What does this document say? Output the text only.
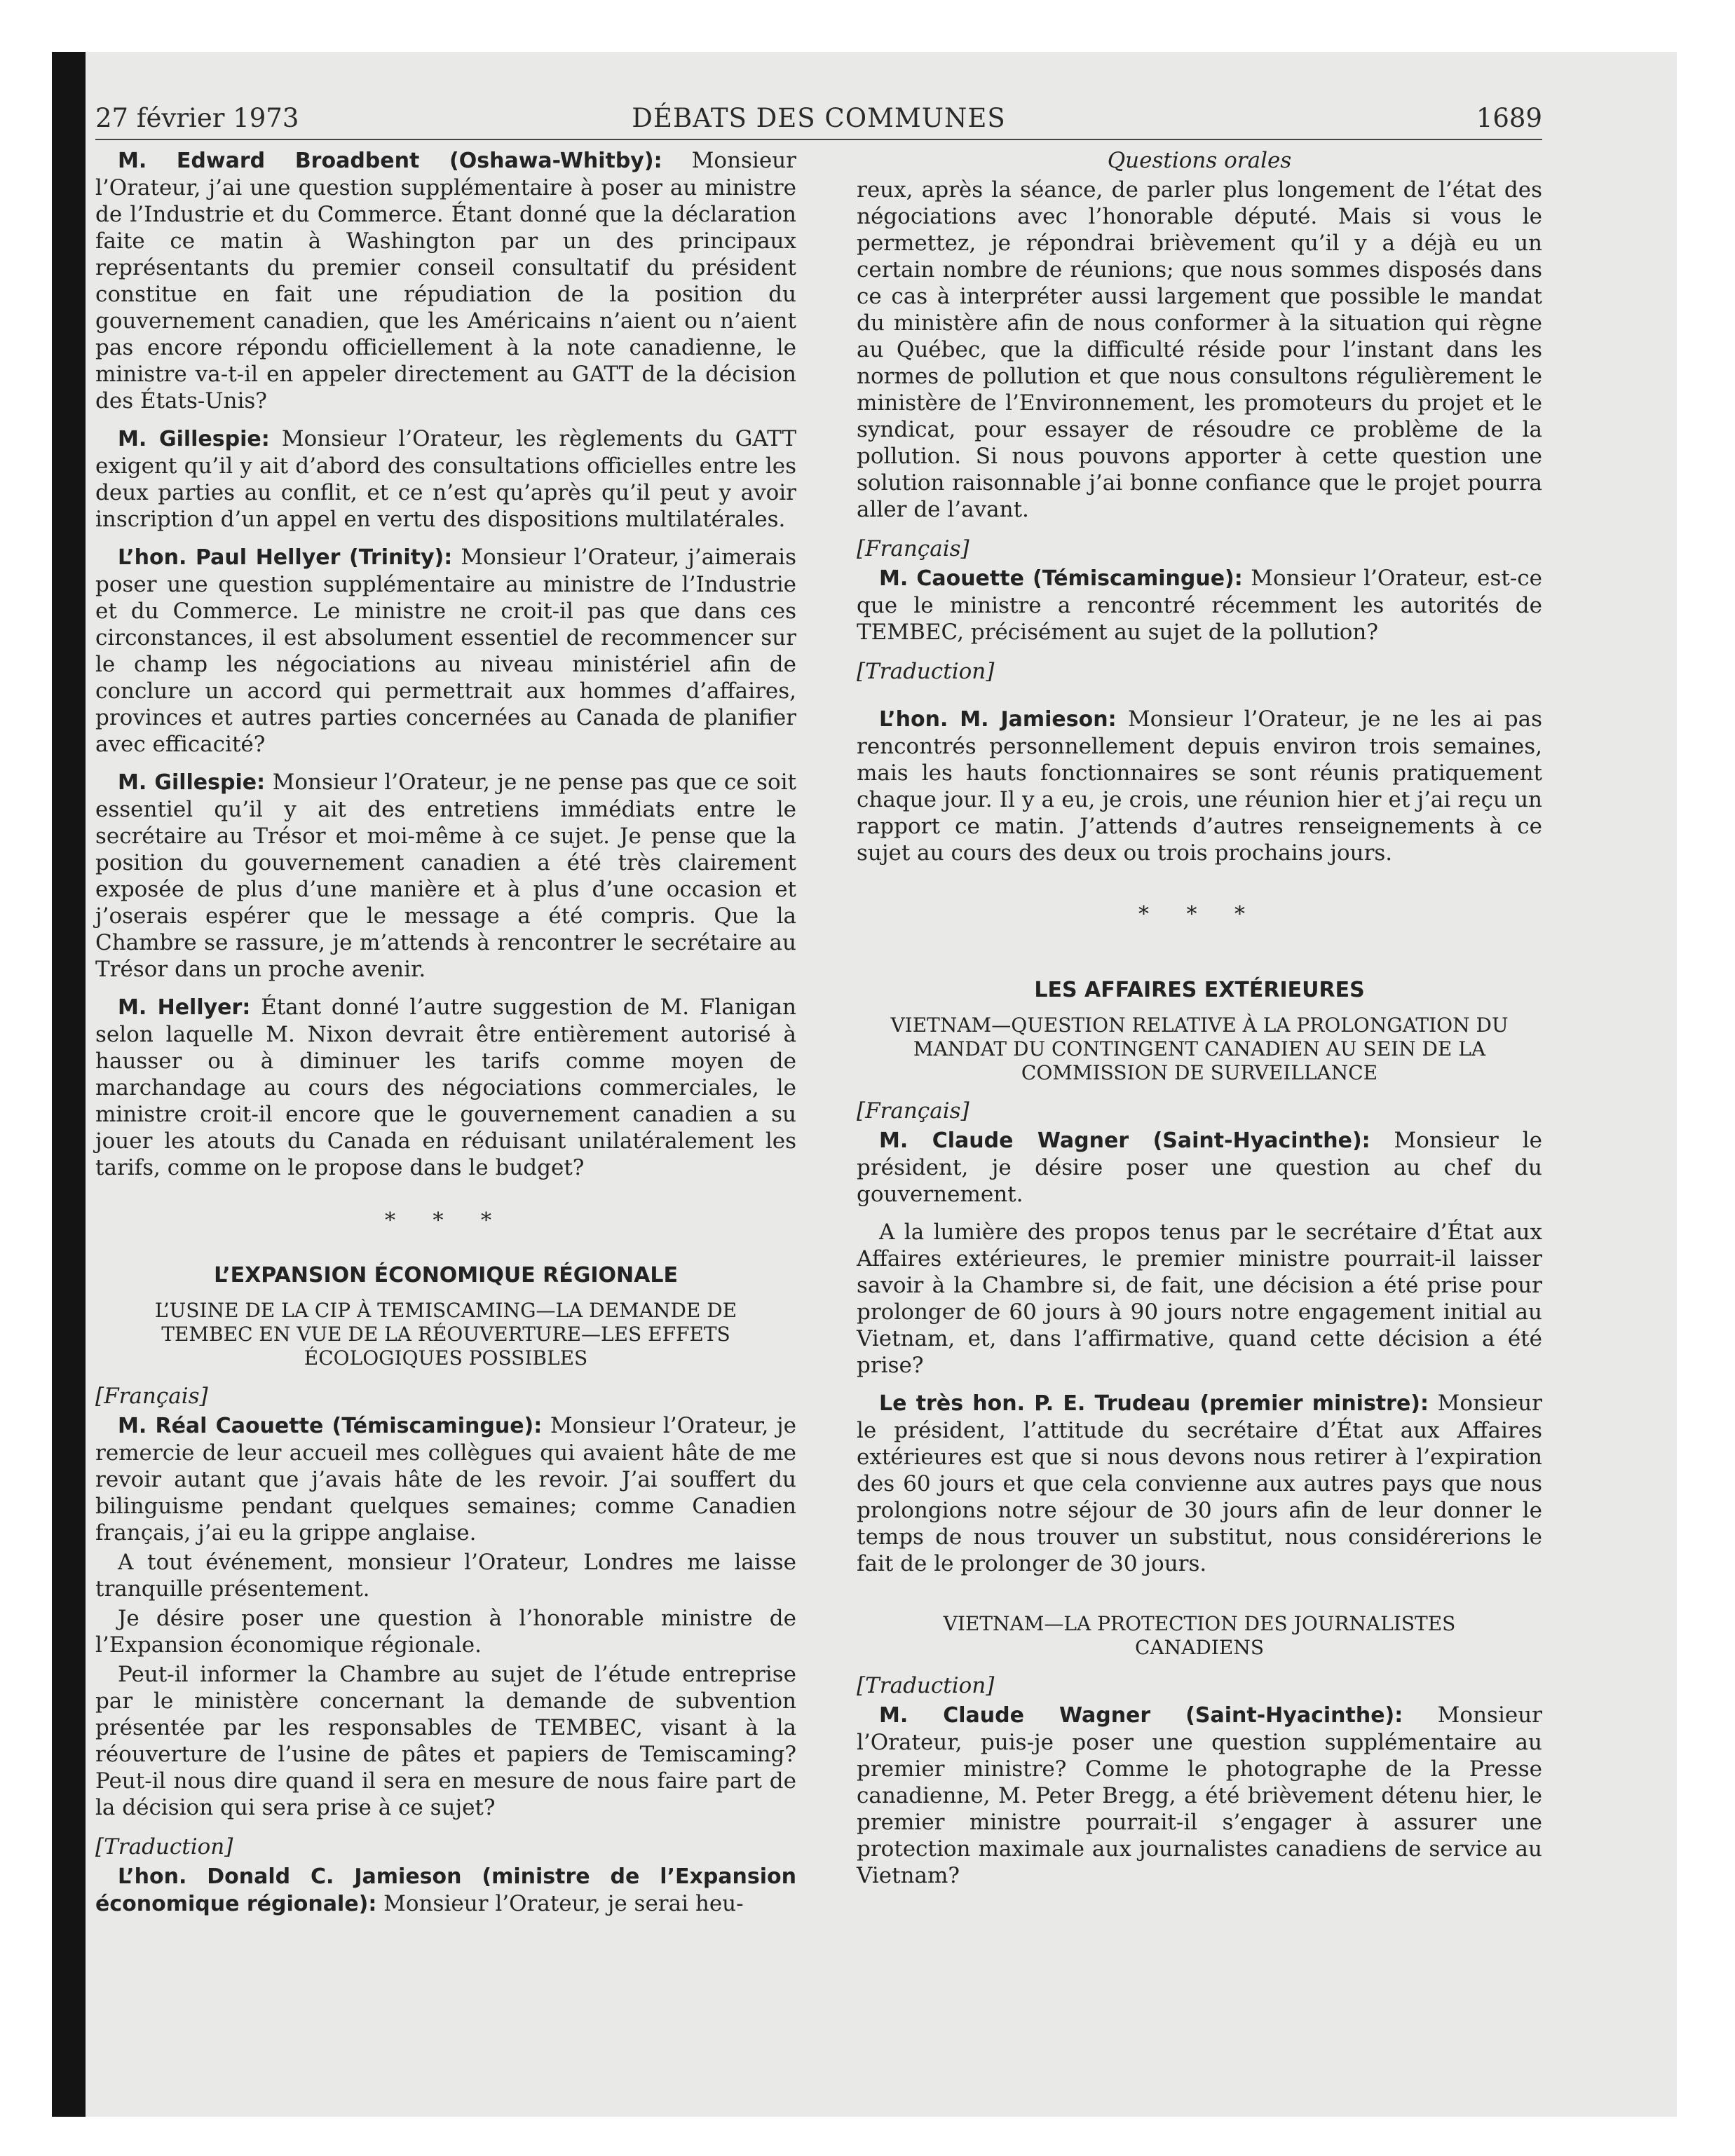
27 février 1973	DÉBATS DES COMMUNES	1689

M. Edward Broadbent (Oshawa-Whitby): Monsieur l’Orateur, j’ai une question supplémentaire à poser au ministre de l’Industrie et du Commerce. Étant donné que la déclaration faite ce matin à Washington par un des principaux représentants du premier conseil consultatif du président constitue en fait une répudiation de la position du gouvernement canadien, que les Américains n’aient ou n’aient pas encore répondu officiellement à la note canadienne, le ministre va-t-il en appeler directement au GATT de la décision des États-Unis?

M. Gillespie: Monsieur l’Orateur, les règlements du GATT exigent qu’il y ait d’abord des consultations officielles entre les deux parties au conflit, et ce n’est qu’après qu’il peut y avoir inscription d’un appel en vertu des dispositions multilatérales.

L’hon. Paul Hellyer (Trinity): Monsieur l’Orateur, j’aimerais poser une question supplémentaire au ministre de l’Industrie et du Commerce. Le ministre ne croit-il pas que dans ces circonstances, il est absolument essentiel de recommencer sur le champ les négociations au niveau ministériel afin de conclure un accord qui permettrait aux hommes d’affaires, provinces et autres parties concernées au Canada de planifier avec efficacité?

M. Gillespie: Monsieur l’Orateur, je ne pense pas que ce soit essentiel qu’il y ait des entretiens immédiats entre le secrétaire au Trésor et moi-même à ce sujet. Je pense que la position du gouvernement canadien a été très clairement exposée de plus d’une manière et à plus d’une occasion et j’oserais espérer que le message a été compris. Que la Chambre se rassure, je m’attends à rencontrer le secrétaire au Trésor dans un proche avenir.

M. Hellyer: Étant donné l’autre suggestion de M. Flanigan selon laquelle M. Nixon devrait être entièrement autorisé à hausser ou à diminuer les tarifs comme moyen de marchandage au cours des négociations commerciales, le ministre croit-il encore que le gouvernement canadien a su jouer les atouts du Canada en réduisant unilatéralement les tarifs, comme on le propose dans le budget?

* * *
L’EXPANSION ÉCONOMIQUE RÉGIONALE
L’USINE DE LA CIP À TEMISCAMING—LA DEMANDE DE TEMBEC EN VUE DE LA RÉOUVERTURE—LES EFFETS ÉCOLOGIQUES POSSIBLES
[Français]

M. Réal Caouette (Témiscamingue): Monsieur l’Orateur, je remercie de leur accueil mes collègues qui avaient hâte de me revoir autant que j’avais hâte de les revoir. J’ai souffert du bilinguisme pendant quelques semaines; comme Canadien français, j’ai eu la grippe anglaise.

A tout événement, monsieur l’Orateur, Londres me laisse tranquille présentement.

Je désire poser une question à l’honorable ministre de l’Expansion économique régionale.

Peut-il informer la Chambre au sujet de l’étude entreprise par le ministère concernant la demande de subvention présentée par les responsables de TEMBEC, visant à la réouverture de l’usine de pâtes et papiers de Temiscaming? Peut-il nous dire quand il sera en mesure de nous faire part de la décision qui sera prise à ce sujet?

[Traduction]

L’hon. Donald C. Jamieson (ministre de l’Expansion économique régionale): Monsieur l’Orateur, je serai heu-

Questions orales

reux, après la séance, de parler plus longement de l’état des négociations avec l’honorable député. Mais si vous le permettez, je répondrai brièvement qu’il y a déjà eu un certain nombre de réunions; que nous sommes disposés dans ce cas à interpréter aussi largement que possible le mandat du ministère afin de nous conformer à la situation qui règne au Québec, que la difficulté réside pour l’instant dans les normes de pollution et que nous consultons régulièrement le ministère de l’Environnement, les promoteurs du projet et le syndicat, pour essayer de résoudre ce problème de la pollution. Si nous pouvons apporter à cette question une solution raisonnable j’ai bonne confiance que le projet pourra aller de l’avant.

[Français]

M. Caouette (Témiscamingue): Monsieur l’Orateur, est-ce que le ministre a rencontré récemment les autorités de TEMBEC, précisément au sujet de la pollution?

[Traduction]

L’hon. M. Jamieson: Monsieur l’Orateur, je ne les ai pas rencontrés personnellement depuis environ trois semaines, mais les hauts fonctionnaires se sont réunis pratiquement chaque jour. Il y a eu, je crois, une réunion hier et j’ai reçu un rapport ce matin. J’attends d’autres renseignements à ce sujet au cours des deux ou trois prochains jours.

* * *
LES AFFAIRES EXTÉRIEURES
VIETNAM—QUESTION RELATIVE À LA PROLONGATION DU MANDAT DU CONTINGENT CANADIEN AU SEIN DE LA COMMISSION DE SURVEILLANCE
[Français]

M. Claude Wagner (Saint-Hyacinthe): Monsieur le président, je désire poser une question au chef du gouvernement.

A la lumière des propos tenus par le secrétaire d’État aux Affaires extérieures, le premier ministre pourrait-il laisser savoir à la Chambre si, de fait, une décision a été prise pour prolonger de 60 jours à 90 jours notre engagement initial au Vietnam, et, dans l’affirmative, quand cette décision a été prise?

Le très hon. P. E. Trudeau (premier ministre): Monsieur le président, l’attitude du secrétaire d’État aux Affaires extérieures est que si nous devons nous retirer à l’expiration des 60 jours et que cela convienne aux autres pays que nous prolongions notre séjour de 30 jours afin de leur donner le temps de nous trouver un substitut, nous considérerions le fait de le prolonger de 30 jours.

VIETNAM—LA PROTECTION DES JOURNALISTES CANADIENS
[Traduction]

M. Claude Wagner (Saint-Hyacinthe): Monsieur l’Orateur, puis-je poser une question supplémentaire au premier ministre? Comme le photographe de la Presse canadienne, M. Peter Bregg, a été brièvement détenu hier, le premier ministre pourrait-il s’engager à assurer une protection maximale aux journalistes canadiens de service au Vietnam?
